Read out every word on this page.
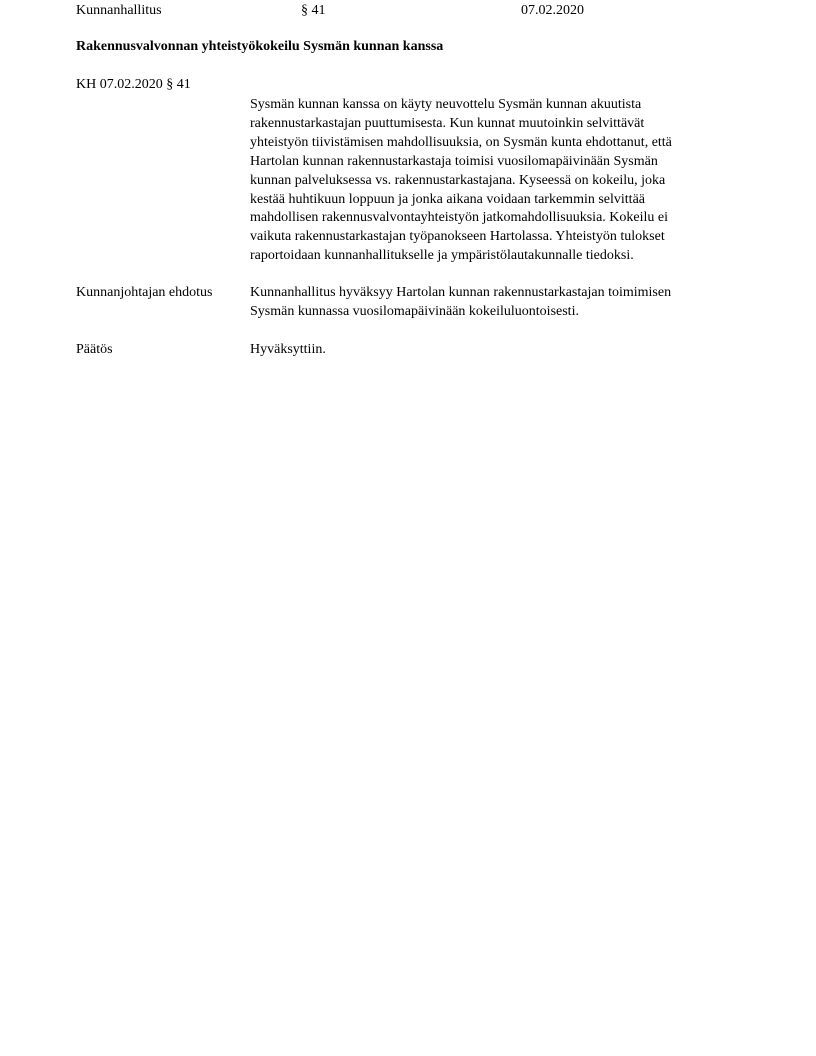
Kunnanhallitus	§ 41	07.02.2020
Rakennusvalvonnan yhteistyökokeilu Sysmän kunnan kanssa
KH 07.02.2020 § 41
Sysmän kunnan kanssa on käyty neuvottelu Sysmän kunnan akuutista
rakennustarkastajan puuttumisesta. Kun kunnat muutoinkin selvittävät
yhteistyön tiivistämisen mahdollisuuksia, on Sysmän kunta ehdottanut, että
Hartolan kunnan rakennustarkastaja toimisi vuosilomapäivinään Sysmän
kunnan palveluksessa vs. rakennustarkastajana. Kyseessä on kokeilu, joka
kestää huhtikuun loppuun ja jonka aikana voidaan tarkemmin selvittää
mahdollisen rakennusvalvontayhteistyön jatkomahdollisuuksia. Kokeilu ei
vaikuta rakennustarkastajan työpanokseen Hartolassa. Yhteistyön tulokset
raportoidaan kunnanhallitukselle ja ympäristölautakunnalle tiedoksi.
Kunnanjohtajan ehdotus	Kunnanhallitus hyväksyy Hartolan kunnan rakennustarkastajan toimimisen
Sysmän kunnassa vuosilomapäivinään kokeiluluontoisesti.
Päätös	Hyväksyttiin.
